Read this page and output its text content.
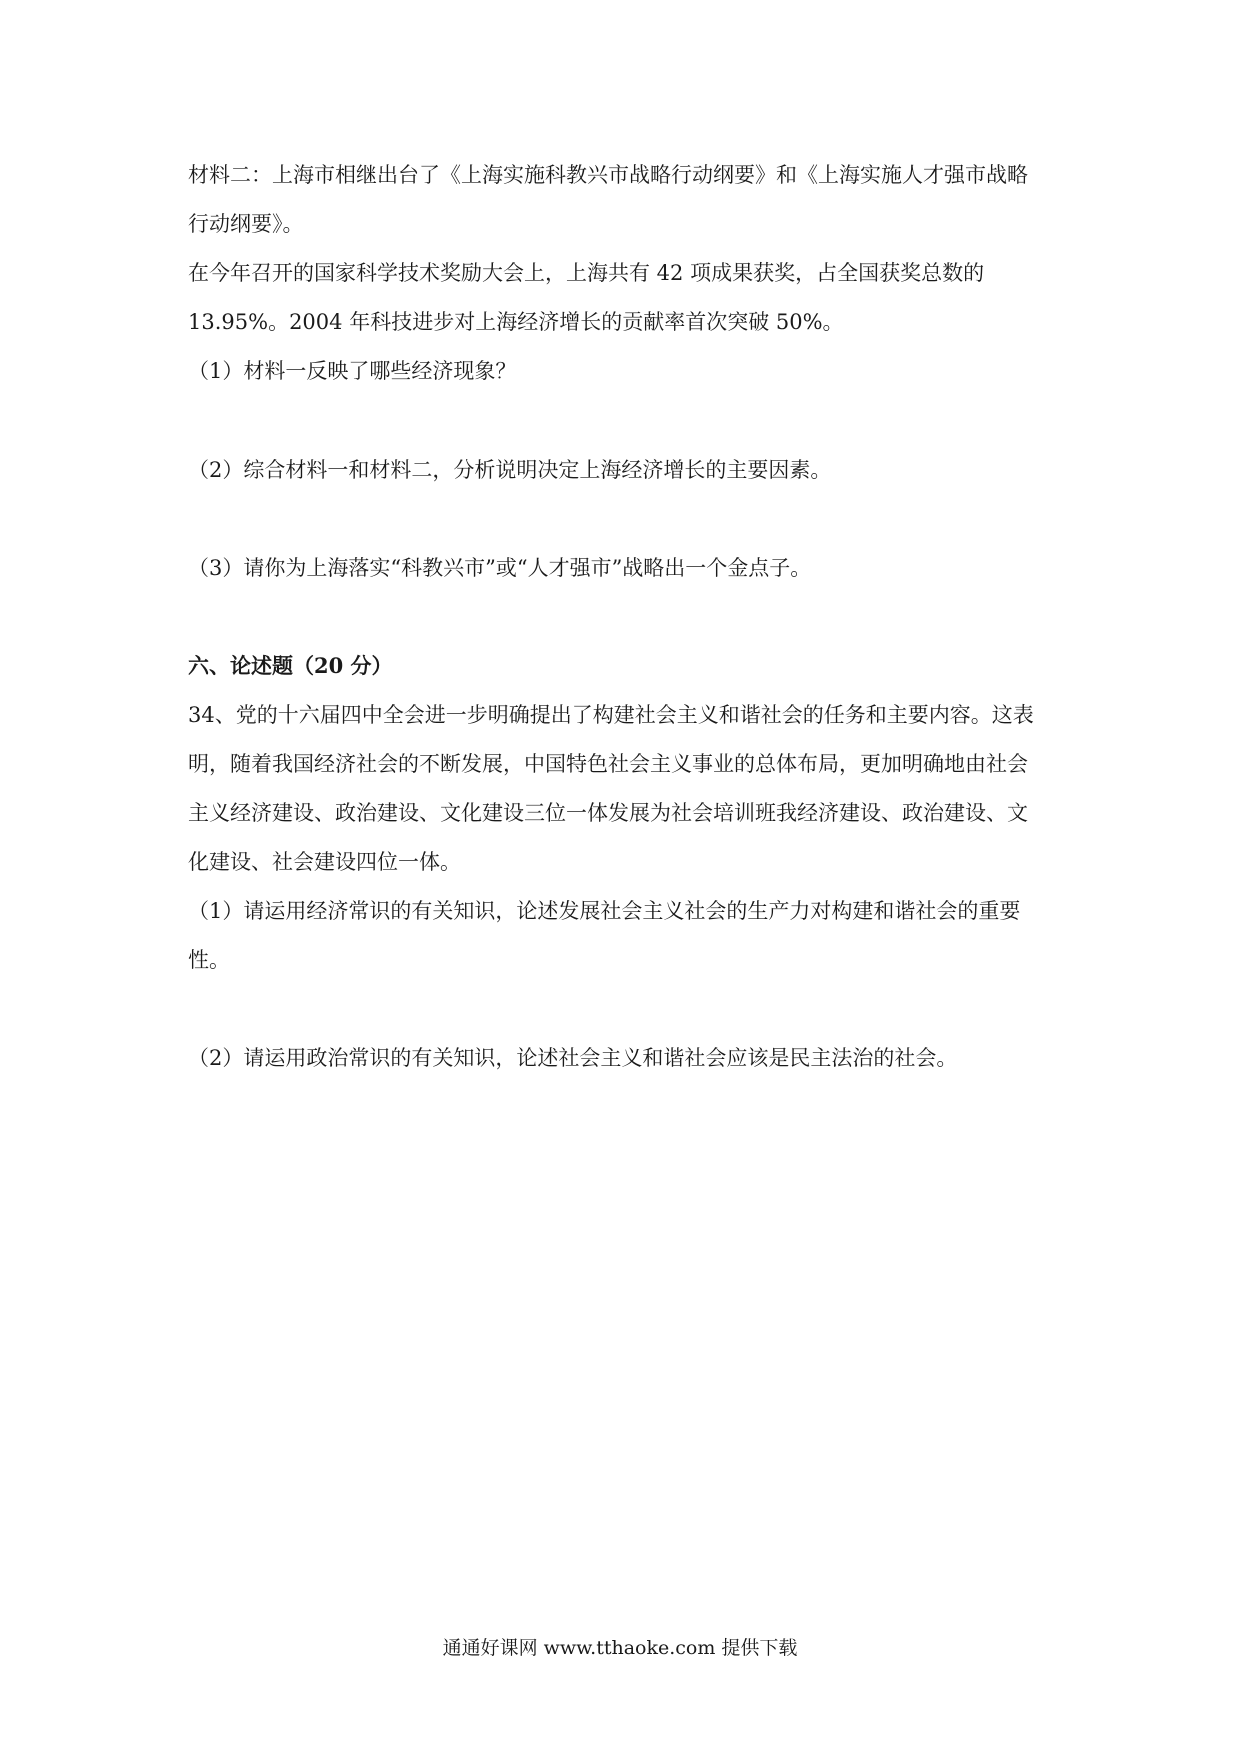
材料二：上海市相继出台了《上海实施科教兴市战略行动纲要》和《上海实施人才强市战略
行动纲要》。
在今年召开的国家科学技术奖励大会上，上海共有 42 项成果获奖，占全国获奖总数的
13.95%。2004 年科技进步对上海经济增长的贡献率首次突破 50%。
（1）材料一反映了哪些经济现象？
（2）综合材料一和材料二，分析说明决定上海经济增长的主要因素。
（3）请你为上海落实“科教兴市”或“人才强市”战略出一个金点子。
六、论述题（20 分）
34、党的十六届四中全会进一步明确提出了构建社会主义和谐社会的任务和主要内容。这表
明，随着我国经济社会的不断发展，中国特色社会主义事业的总体布局，更加明确地由社会
主义经济建设、政治建设、文化建设三位一体发展为社会培训班我经济建设、政治建设、文
化建设、社会建设四位一体。
（1）请运用经济常识的有关知识，论述发展社会主义社会的生产力对构建和谐社会的重要
性。
（2）请运用政治常识的有关知识，论述社会主义和谐社会应该是民主法治的社会。
通通好课网 www.tthaoke.com 提供下载
